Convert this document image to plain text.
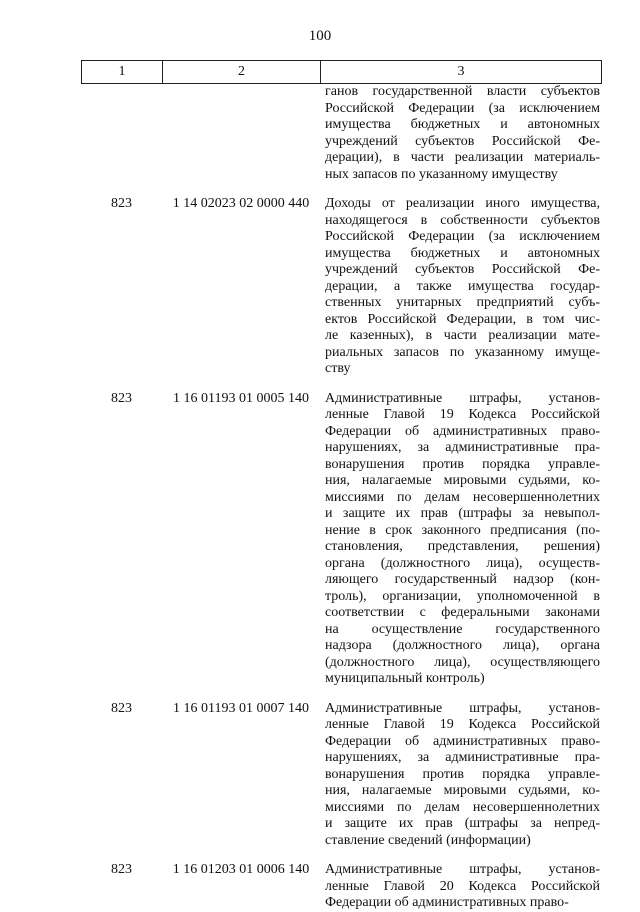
100
1	2	3
ганов государственной власти субъектов
Российской Федерации (за исключением
имущества бюджетных и автономных
учреждений субъектов Российской Фе-
дерации), в части реализации материаль-
ных запасов по указанному имуществу
823	1 14 02023 02 0000 440	Доходы от реализации иного имущества,
находящегося в собственности субъектов
Российской Федерации (за исключением
имущества бюджетных и автономных
учреждений субъектов Российской Фе-
дерации, а также имущества государ-
ственных унитарных предприятий субъ-
ектов Российской Федерации, в том чис-
ле казенных), в части реализации мате-
риальных запасов по указанному имуще-
ству
823	1 16 01193 01 0005 140	Административные штрафы, установ-
ленные Главой 19 Кодекса Российской
Федерации об административных право-
нарушениях, за административные пра-
вонарушения против порядка управле-
ния, налагаемые мировыми судьями, ко-
миссиями по делам несовершеннолетних
и защите их прав (штрафы за невыпол-
нение в срок законного предписания (по-
становления, представления, решения)
органа (должностного лица), осуществ-
ляющего государственный надзор (кон-
троль), организации, уполномоченной в
соответствии с федеральными законами
на осуществление государственного
надзора (должностного лица), органа
(должностного лица), осуществляющего
муниципальный контроль)
823	1 16 01193 01 0007 140	Административные штрафы, установ-
ленные Главой 19 Кодекса Российской
Федерации об административных право-
нарушениях, за административные пра-
вонарушения против порядка управле-
ния, налагаемые мировыми судьями, ко-
миссиями по делам несовершеннолетних
и защите их прав (штрафы за непред-
ставление сведений (информации)
823	1 16 01203 01 0006 140	Административные штрафы, установ-
ленные Главой 20 Кодекса Российской
Федерации об административных право-
